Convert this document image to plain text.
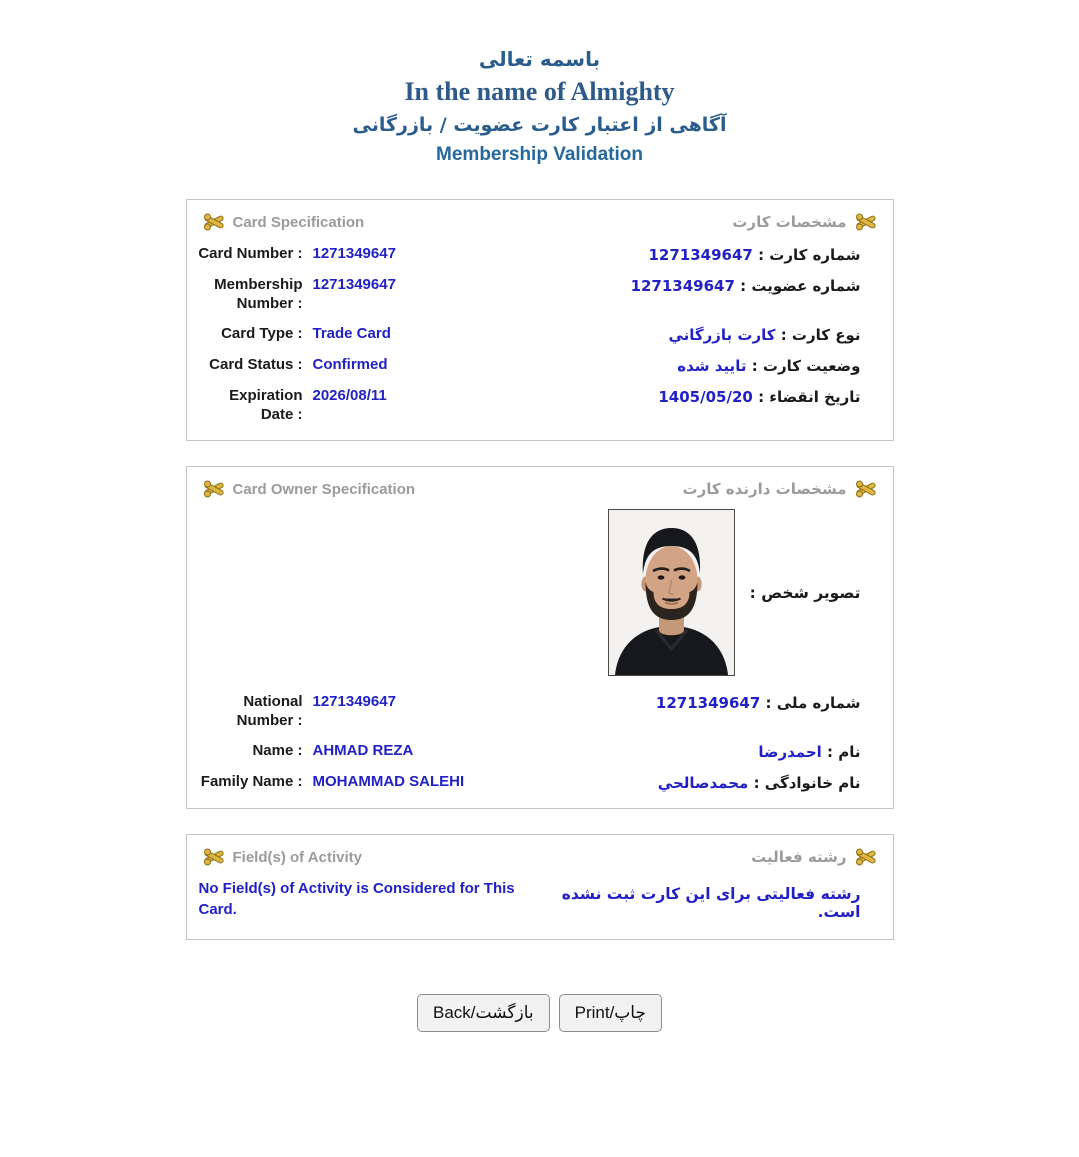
باسمه تعالی
In the name of Almighty
آگاهی از اعتبار کارت عضویت / بازرگانی
Membership Validation
Card Specification	مشخصات کارت
Card Number : 1271349647	شماره کارت : 1271349647
Membership Number :
1271349647	شماره عضویت : 1271349647
Card Type : Trade Card	نوع کارت : کارت بازرگاني
Card Status : Confirmed	وضعیت کارت : تایید شده
Expiration Date :
2026/08/11	تاریخ انقضاء : 1405/05/20
Card Owner Specification	مشخصات دارنده کارت
تصویر شخص :
National Number :
1271349647	شماره ملی : 1271349647
Name : AHMAD REZA	نام : احمدرضا
Family Name : MOHAMMAD SALEHI	نام خانوادگی : محمدصالحي
Field(s) of Activity	رشته فعالیت
No Field(s) of Activity is Considered for This Card.
رشته فعالیتی برای این کارت ثبت نشده است.
Back/بازگشت	Print/چاپ
